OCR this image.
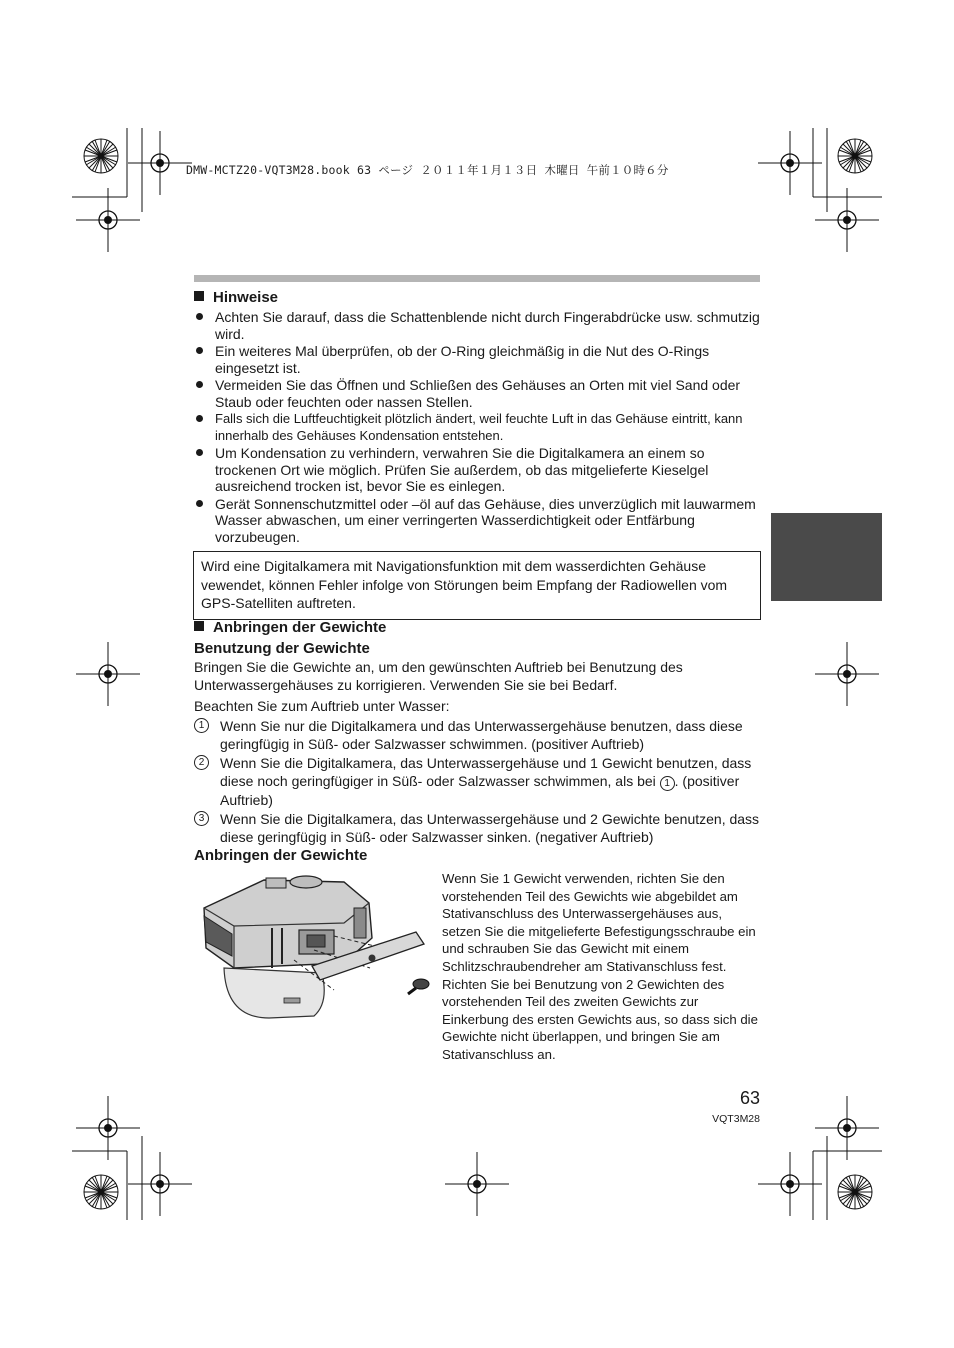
DMW-MCTZ20-VQT3M28.book 63 ページ ２０１１年１月１３日 木曜日 午前１０時６分
Hinweise
Achten Sie darauf, dass die Schattenblende nicht durch Fingerabdrücke usw. schmutzig wird.
Ein weiteres Mal überprüfen, ob der O-Ring gleichmäßig in die Nut des O-Rings eingesetzt ist.
Vermeiden Sie das Öffnen und Schließen des Gehäuses an Orten mit viel Sand oder Staub oder feuchten oder nassen Stellen.
Falls sich die Luftfeuchtigkeit plötzlich ändert, weil feuchte Luft in das Gehäuse eintritt, kann innerhalb des Gehäuses Kondensation entstehen.
Um Kondensation zu verhindern, verwahren Sie die Digitalkamera an einem so trockenen Ort wie möglich. Prüfen Sie außerdem, ob das mitgelieferte Kieselgel ausreichend trocken ist, bevor Sie es einlegen.
Gerät Sonnenschutzmittel oder –öl auf das Gehäuse, dies unverzüglich mit lauwarmem Wasser abwaschen, um einer verringerten Wasserdichtigkeit oder Entfärbung vorzubeugen.
Wird eine Digitalkamera mit Navigationsfunktion mit dem wasserdichten Gehäuse vewendet, können Fehler infolge von Störungen beim Empfang der Radiowellen vom GPS-Satelliten auftreten.
Anbringen der Gewichte
Benutzung der Gewichte
Bringen Sie die Gewichte an, um den gewünschten Auftrieb bei Benutzung des Unterwassergehäuses zu korrigieren. Verwenden Sie sie bei Bedarf.
Beachten Sie zum Auftrieb unter Wasser:
1	Wenn Sie nur die Digitalkamera und das Unterwassergehäuse benutzen, dass diese geringfügig in Süß- oder Salzwasser schwimmen. (positiver Auftrieb)
2	Wenn Sie die Digitalkamera, das Unterwassergehäuse und 1 Gewicht benutzen, dass diese noch geringfügiger in Süß- oder Salzwasser schwimmen, als bei 1 . (positiver Auftrieb)
3	Wenn Sie die Digitalkamera, das Unterwassergehäuse und 2 Gewichte benutzen, dass diese geringfügig in Süß- oder Salzwasser sinken. (negativer Auftrieb)
Anbringen der Gewichte
Wenn Sie 1 Gewicht verwenden, richten Sie den vorstehenden Teil des Gewichts wie abgebildet am Stativanschluss des Unterwassergehäuses aus, setzen Sie die mitgelieferte Befestigungsschraube ein und schrauben Sie das Gewicht mit einem Schlitzschraubendreher am Stativanschluss fest. Richten Sie bei Benutzung von 2 Gewichten des vorstehenden Teil des zweiten Gewichts zur Einkerbung des ersten Gewichts aus, so dass sich die Gewichte nicht überlappen, und bringen Sie am Stativanschluss an.
63
VQT3M28
